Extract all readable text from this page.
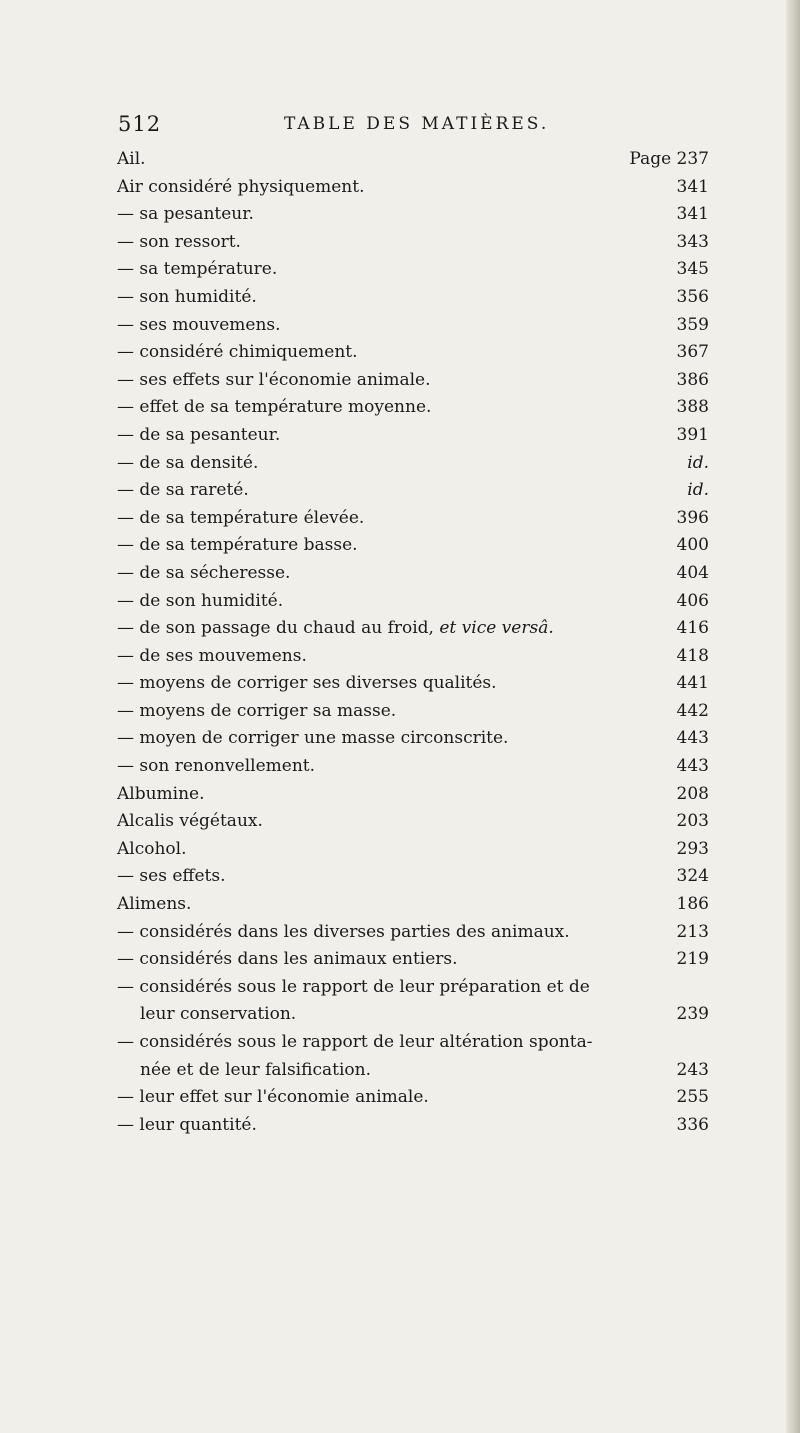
512	TABLE DES MATIÈRES.
Ail.	Page 237
Air considéré physiquement.	341
— sa pesanteur.	341
— son ressort.	343
— sa température.	345
— son humidité.	356
— ses mouvemens.	359
— considéré chimiquement.	367
— ses effets sur l'économie animale.	386
— effet de sa température moyenne.	388
— de sa pesanteur.	391
— de sa densité.	id.
— de sa rareté.	id.
— de sa température élevée.	396
— de sa température basse.	400
— de sa sécheresse.	404
— de son humidité.	406
— de son passage du chaud au froid, et vice versâ.	416
— de ses mouvemens.	418
— moyens de corriger ses diverses qualités.	441
— moyens de corriger sa masse.	442
— moyen de corriger une masse circonscrite.	443
— son renonvellement.	443
Albumine.	208
Alcalis végétaux.	203
Alcohol.	293
— ses effets.	324
Alimens.	186
— considérés dans les diverses parties des animaux.	213
— considérés dans les animaux entiers.	219
— considérés sous le rapport de leur préparation et de
leur conservation.	239
— considérés sous le rapport de leur altération sponta-
née et de leur falsification.	243
— leur effet sur l'économie animale.	255
— leur quantité.	336
